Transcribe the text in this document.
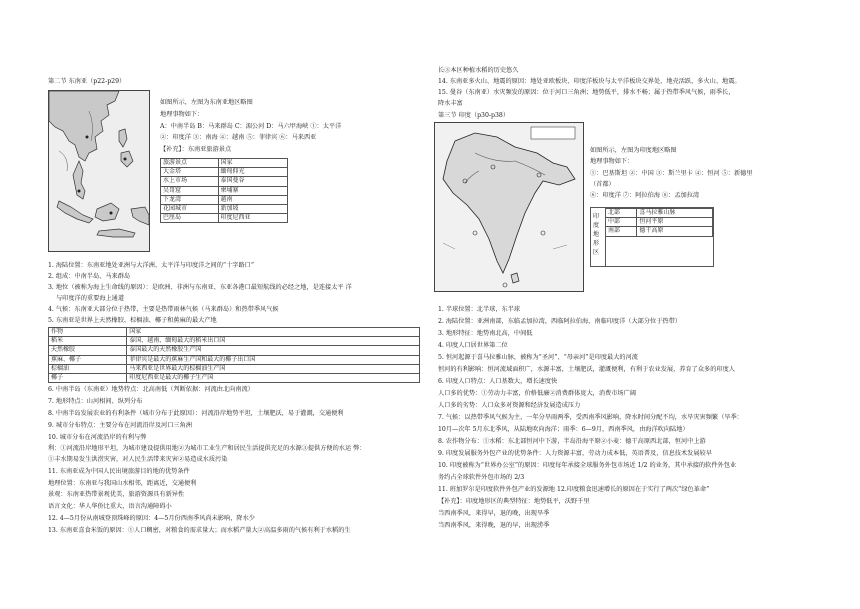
第二节 东南亚（p22-p29）
如图所示，左图为东南亚地区略图
地理事物如下：
A：中南半岛 B：马来群岛 C：湄公河 D：马六甲海峡 ①：太平洋
②：印度洋 ③：南海 ④：越南 ⑤：菲律宾 ⑥：马来西亚
【补充】：东南亚旅游景点
旅游景点	国家
大金塔	缅甸仰光
水上市场	泰国曼谷
吴哥窟	柬埔寨
下龙湾	越南
花园城市	新加坡
巴厘岛	印度尼西亚
1. 海陆位置：东南亚地处亚洲与大洋洲、太平洋与印度洋之间的“十字路口”
2. 组成：中南半岛、马来群岛
3. 地位（被称为海上生命线的原因）：是欧洲、非洲与东南亚、东亚各港口最短航线的必经之地，是连接太平 洋
与印度洋的重要海上通道
4. 气候：东南亚大部分位于热带，主要是热带雨林气候（马来群岛）和热带季风气候
5. 东南亚是世界上天然橡胶、棕榈油、椰子和蕉麻的最大产地
作物	国家
稻米	泰国、越南、缅甸最大的稻米出口国
天然橡胶	泰国最大的天然橡胶生产国
蕉麻、椰子	菲律宾是最大的蕉麻生产国和最大的椰子出口国
棕榈油	马来西亚是世界最大的棕榈油生产国
椰子	印度尼西亚是最大的椰子生产国
6. 中南半岛（东南亚）地势特点：北高南低（判断依据：河流由北向南流）
7. 地形特点：山河相间、纵列分布
8. 中南半岛发展农业的有利条件（城市分布于此原因）：河流沿岸地势平坦，土壤肥沃，易于灌溉，交通便利
9. 城市分布特点：主要分布在河流沿岸及河口三角洲
10. 城市分布在河流沿岸的有利与弊
利：①河流沿岸地形平坦，为城市建设提供用地②为城市工业生产和居民生活提供充足的水源③提供方便的水运 弊：
①丰水期易发生洪涝灾害，对人民生活带来灾害②易造成水质污染
11. 东南亚成为中国人民出境旅游目的地的优势条件
地理位置：东南亚与我国山水相邻，距离近，交通便利
景观：东南亚热带景观优美，旅游资源具有新异性
语言文化：华人华侨比重大，语言沟通障碍小
12. 4—5月份从南城登顶珠峰的原因：4—5月份西南季风尚未影响，降水少
13. 东南亚喜食米饭的原因：①人口稠密，对粮食的需求量大；而水稻产量大②高温多雨的气候有利于水稻的生
长③本区种植水稻的历史悠久
14. 东南亚多火山、地震的原因：地处亚欧板块、印度洋板块与太平洋板块交界处，地壳活跃，多火山、地震。
15. 曼谷（东南亚）水灾频发的原因：位于河口三角洲；地势低平，排水不畅；属于热带季风气候，雨季长，
降水丰富
第三节 印度（p30-p38）
如图所示，左图为印度地区略图
地理事物如下：
①：巴基斯坦 ②：中国 ③：斯兰里卡 ④：恒河 ⑤：新德里
（首都）
⑥：印度洋 ⑦：阿拉伯海 ⑧：孟加拉湾
印度地形区
北部	喜马拉雅山脉
中部	恒河平原
南部	德干高原
1. 半球位置：北半球，东半球
2. 海陆位置：亚洲南部，东临孟加拉湾，西临阿拉伯海，南临印度洋（大部分位于热带）
3. 地形特征：地势南北高，中间低
4. 印度人口居世界第二位
5. 恒河起源于喜马拉雅山脉，被称为“圣河”、“母亲河”是印度最大的河流
恒河的有利影响：恒河流域面积广，水源丰富，土壤肥沃，灌溉便利，有利于农业发展，养育了众多的印度人
6. 印度人口特点：人口基数大，增长速度快
人口多的优势：①劳动力丰富，价格低廉②消费群体庞大，消费市场广阔
人口多的劣势：人口众多对资源和经济发展造成压力
7. 气候：以热带季风气候为主，一年分旱雨两季，受西南季风影响，降水时间分配不均，水旱灾害频繁（旱季：
10月—次年 5月东北季风，从陆地吹向海洋；雨季：6—9月，西南季风，由海洋吹向陆地）
8. 农作物分布：①水稻：东北部恒河中下游，半岛沿海平原②小麦：德干高原西北部，恒河中上游
9. 印度发展服务外包产业的优势条件：人力资源丰富，劳动力成本低，英语普及，信息技术发展较早
10. 印度被称为“世界办公室”的原因：印度每年承接全球服务外包市场近 1/2 的业务，其中承接的软件外包业
务约占全球软件外包市场的 2/3
11. 班加罗尔是印度软件外包产业的发源地 12.印度粮食迅速增长的原因在于实行了两次“绿色革命”
【补充】：印度地形区的典型特征：地势低平，沃野千里
当西南季风，来得早，退的晚，出现旱季
当西南季风，来得晚，退的早，出现涝季
